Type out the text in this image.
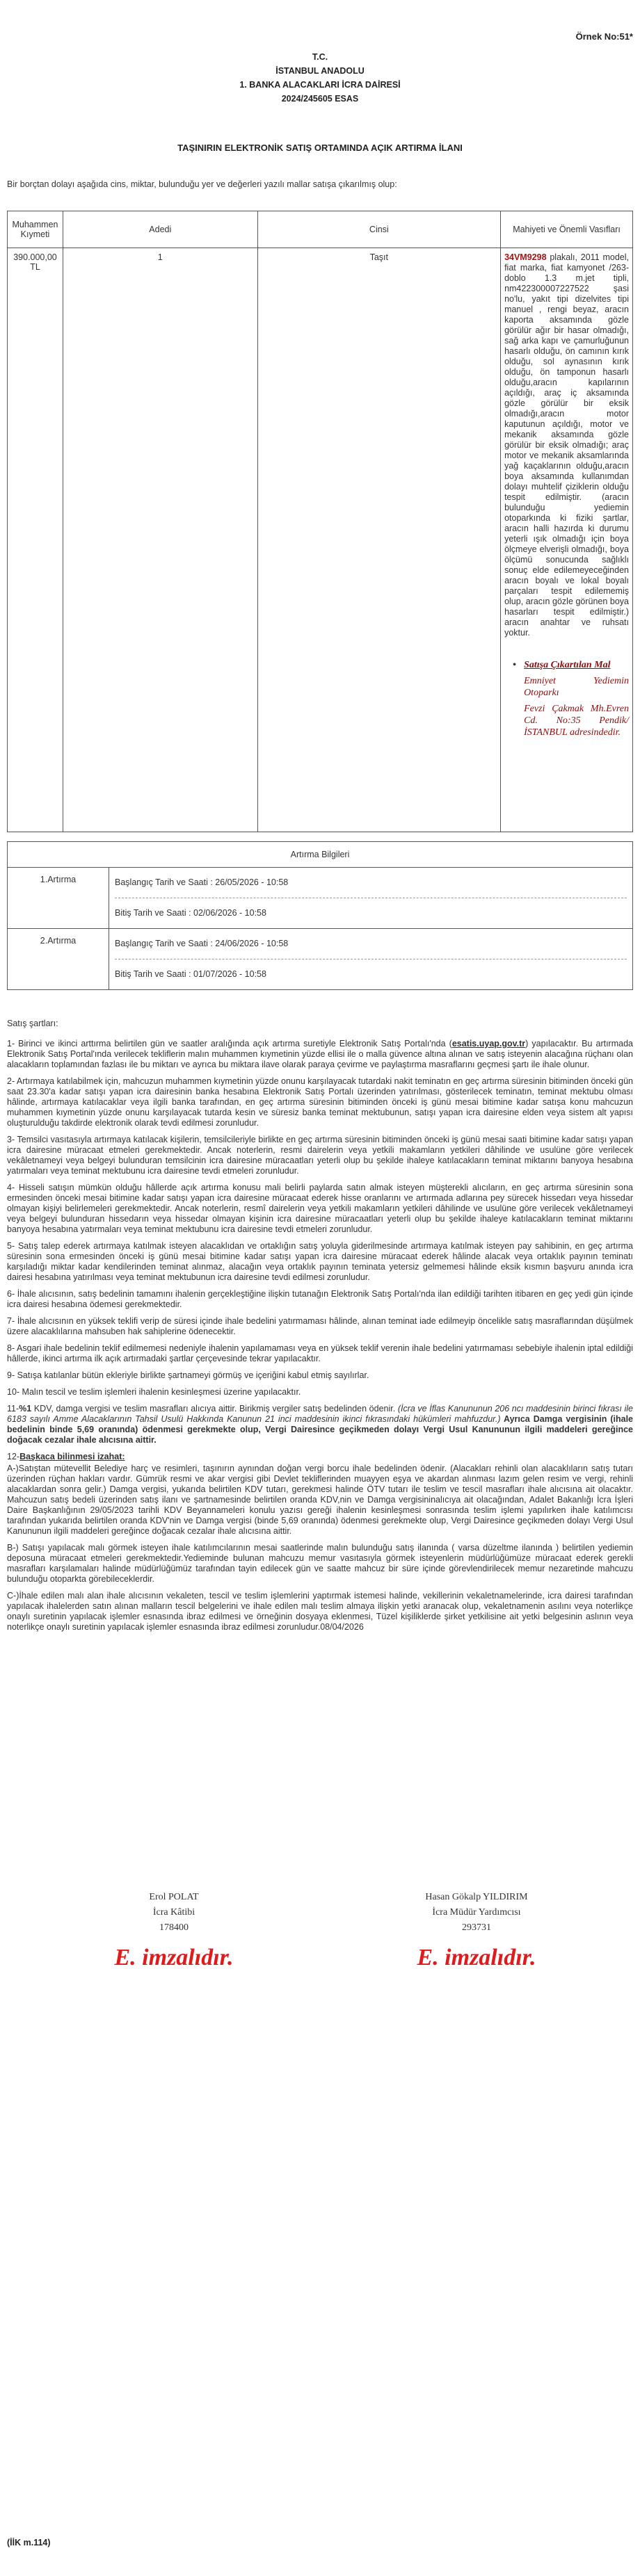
Örnek No:51*
T.C.
İSTANBUL ANADOLU
1. BANKA ALACAKLARI İCRA DAİRESİ
2024/245605 ESAS
TAŞINIRIN ELEKTRONİK SATIŞ ORTAMINDA AÇIK ARTIRMA İLANI
Bir borçtan dolayı aşağıda cins, miktar, bulunduğu yer ve değerleri yazılı mallar satışa çıkarılmış olup:
Muhammen Kıymeti	Adedi	Cinsi	Mahiyeti ve Önemli Vasıfları
390.000,00 TL	1	Taşıt	34VM9298 plakalı, 2011 model, fiat marka, fiat kamyonet /263-doblo 1.3 m.jet tipli, nm422300007227522 şasi no'lu, yakıt tipi dizelvites tipi manuel , rengi beyaz, aracın kaporta aksamında gözle görülür ağır bir hasar olmadığı, sağ arka kapı ve çamurluğunun hasarlı olduğu, ön camının kırık olduğu, sol aynasının kırık olduğu, ön tamponun hasarlı olduğu,aracın kapılarının açıldığı, araç iç aksamında gözle görülür bir eksik olmadığı,aracın motor kaputunun açıldığı, motor ve mekanik aksamında gözle görülür bir eksik olmadığı; araç motor ve mekanik aksamlarında yağ kaçaklarının olduğu,aracın boya aksamında kullanımdan dolayı muhtelif çiziklerin olduğu tespit edilmiştir. (aracın bulunduğu yediemin otoparkında ki fiziki şartlar, aracın halli hazırda ki durumu yeterli ışık olmadığı için boya ölçmeye elverişli olmadığı, boya ölçümü sonucunda sağlıklı sonuç elde edilemeyeceğinden aracın boyalı ve lokal boyalı parçaları tespit edilememiş olup, aracın gözle görünen boya hasarları tespit edilmiştir.) aracın anahtar ve ruhsatı yoktur.
• Satışa Çıkartılan Mal

Emniyet Yediemin Otoparkı

Fevzi Çakmak Mh.Evren Cd. No:35 Pendik/ İSTANBUL adresindedir.

Artırma Bilgileri
1.Artırma	Başlangıç Tarih ve Saati : 26/05/2026 - 10:58
Bitiş Tarih ve Saati : 02/06/2026 - 10:58
2.Artırma	Başlangıç Tarih ve Saati : 24/06/2026 - 10:58
Bitiş Tarih ve Saati : 01/07/2026 - 10:58

Satış şartları:

1- Birinci ve ikinci arttırma belirtilen gün ve saatler aralığında açık artırma suretiyle Elektronik Satış Portalı'nda (esatis.uyap.gov.tr) yapılacaktır. Bu artırmada Elektronik Satış Portal'ında verilecek tekliflerin malın muhammen kıymetinin yüzde ellisi ile o malla güvence altına alınan ve satış isteyenin alacağına rüçhanı olan alacakların toplamından fazlası ile bu miktarı ve ayrıca bu miktara ilave olarak paraya çevirme ve paylaştırma masraflarını geçmesi şartı ile ihale olunur.

2- Artırmaya katılabilmek için, mahcuzun muhammen kıymetinin yüzde onunu karşılayacak tutardaki nakit teminatın en geç artırma süresinin bitiminden önceki gün saat 23.30'a kadar satışı yapan icra dairesinin banka hesabına Elektronik Satış Portalı üzerinden yatırılması, gösterilecek teminatın, teminat mektubu olması hâlinde, artırmaya katılacaklar veya ilgili banka tarafından, en geç artırma süresinin bitiminden önceki iş günü mesai bitimine kadar satışa konu mahcuzun muhammen kıymetinin yüzde onunu karşılayacak tutarda kesin ve süresiz banka teminat mektubunun, satışı yapan icra dairesine elden veya sistem alt yapısı oluşturulduğu takdirde elektronik olarak tevdi edilmesi zorunludur.

3- Temsilci vasıtasıyla artırmaya katılacak kişilerin, temsilcileriyle birlikte en geç artırma süresinin bitiminden önceki iş günü mesai saati bitimine kadar satışı yapan icra dairesine müracaat etmeleri gerekmektedir. Ancak noterlerin, resmi dairelerin veya yetkili makamların yetkileri dâhilinde ve usulüne göre verilecek vekâletnameyi veya belgeyi bulunduran temsilcinin icra dairesine müracaatları yeterli olup bu şekilde ihaleye katılacakların teminat miktarını banyoya hesabına yatırmaları veya teminat mektubunu icra dairesine tevdi etmeleri zorunludur.

4- Hisseli satışın mümkün olduğu hâllerde açık artırma konusu mali belirli paylarda satın almak isteyen müşterekli alıcıların, en geç artırma süresinin sona ermesinden önceki mesai bitimine kadar satışı yapan icra dairesine müracaat ederek hisse oranlarını ve artırmada adlarına pey sürecek hissedarı veya hissedar olmayan kişiyi belirlemeleri gerekmektedir. Ancak noterlerin, resmî dairelerin veya yetkili makamların yetkileri dâhilinde ve usulüne göre verilecek vekâletnameyi veya belgeyi bulunduran hissedarın veya hissedar olmayan kişinin icra dairesine müracaatları yeterli olup bu şekilde ihaleye katılacakların teminat miktarını banyoya hesabına yatırmaları veya teminat mektubunu icra dairesine tevdi etmeleri zorunludur.

5- Satış talep ederek artırmaya katılmak isteyen alacaklıdan ve ortaklığın satış yoluyla giderilmesinde artırmaya katılmak isteyen pay sahibinin, en geç artırma süresinin sona ermesinden önceki iş günü mesai bitimine kadar satışı yapan icra dairesine müracaat ederek hâlinde alacak veya ortaklık payının teminatı karşıladığı miktar kadar kendilerinden teminat alınmaz, alacağın veya ortaklık payının teminata yetersiz gelmemesi hâlinde eksik kısmın başvuru anında icra dairesi hesabına yatırılması veya teminat mektubunun icra dairesine tevdi edilmesi zorunludur.

6- İhale alıcısının, satış bedelinin tamamını ihalenin gerçekleştiğine ilişkin tutanağın Elektronik Satış Portalı'nda ilan edildiği tarihten itibaren en geç yedi gün içinde icra dairesi hesabına ödemesi gerekmektedir.

7- İhale alıcısının en yüksek teklifi verip de süresi içinde ihale bedelini yatırmaması hâlinde, alınan teminat iade edilmeyip öncelikle satış masraflarından düşülmek üzere alacaklılarına mahsuben hak sahiplerine ödenecektir.

8- Asgari ihale bedelinin teklif edilmemesi nedeniyle ihalenin yapılamaması veya en yüksek teklif verenin ihale bedelini yatırmaması sebebiyle ihalenin iptal edildiği hâllerde, ikinci artırma ilk açık artırmadaki şartlar çerçevesinde tekrar yapılacaktır.

9- Satışa katılanlar bütün ekleriyle birlikte şartnameyi görmüş ve içeriğini kabul etmiş sayılırlar.

10- Malın tescil ve teslim işlemleri ihalenin kesinleşmesi üzerine yapılacaktır.

11-%1 KDV, damga vergisi ve teslim masrafları alıcıya aittir. Birikmiş vergiler satış bedelinden ödenir. (İcra ve İflas Kanununun 206 ncı maddesinin birinci fıkrası ile 6183 sayılı Amme Alacaklarının Tahsil Usulü Hakkında Kanunun 21 inci maddesinin ikinci fıkrasındaki hükümleri mahfuzdur.) Ayrıca Damga vergisinin (ihale bedelinin binde 5,69 oranında) ödenmesi gerekmekte olup, Vergi Dairesince geçikmeden dolayı Vergi Usul Kanununun ilgili maddeleri gereğince doğacak cezalar ihale alıcısına aittir.

12-Başkaca bilinmesi izahat:

A-)Satıştan mütevellit Belediye harç ve resimleri, taşınırın aynından doğan vergi borcu ihale bedelinden ödenir. (Alacakları rehinli olan alacaklıların satış tutarı üzerinden rüçhan hakları vardır. Gümrük resmi ve akar vergisi gibi Devlet tekliflerinden muayyen eşya ve akardan alınması lazım gelen resim ve vergi, rehinli alacaklardan sonra gelir.) Damga vergisi, yukarıda belirtilen KDV tutarı, gerekmesi halinde ÖTV tutarı ile teslim ve tescil masrafları ihale alıcısına ait olacaktır. Mahcuzun satış bedeli üzerinden satış ilanı ve şartnamesinde belirtilen oranda KDV,nin ve Damga vergisininalıcıya ait olacağından, Adalet Bakanlığı İcra İşleri Daire Başkanlığının 29/05/2023 tarihli KDV Beyannameleri konulu yazısı gereği ihalenin kesinleşmesi sonrasında teslim işlemi yapılırken ihale katılımcısı tarafından yukarıda belirtilen oranda KDV'nin ve Damga vergisi (binde 5,69 oranında) ödenmesi gerekmekte olup, Vergi Dairesince geçikmeden dolayı Vergi Usul Kanununun ilgili maddeleri gereğince doğacak cezalar ihale alıcısına aittir.

B-) Satışı yapılacak malı görmek isteyen ihale katılımcılarının mesai saatlerinde malın bulunduğu satış ilanında ( varsa düzeltme ilanında ) belirtilen yediemin deposuna müracaat etmeleri gerekmektedir.Yedieminde bulunan mahcuzu memur vasıtasıyla görmek isteyenlerin müdürlüğümüze müracaat ederek gerekli masrafları karşılamaları halinde müdürlüğümüz tarafından tayin edilecek gün ve saatte mahcuz bir süre içinde görevlendirilecek memur nezaretinde mahcuzu bulunduğu otoparkta görebileceklerdir.

C-)İhale edilen malı alan ihale alıcısının vekaleten, tescil ve teslim işlemlerini yaptırmak istemesi halinde, vekillerinin vekaletnamelerinde, icra dairesi tarafından yapılacak ihalelerden satın alınan malların tescil belgelerini ve ihale edilen malı teslim almaya ilişkin yetki aranacak olup, vekaletnamenin asılını veya noterlikçe onaylı suretinin yapılacak işlemler esnasında ibraz edilmesi ve örneğinin dosyaya eklenmesi, Tüzel kişiliklerde şirket yetkilisine ait yetki belgesinin aslının veya noterlikçe onaylı suretinin yapılacak işlemler esnasında ibraz edilmesi zorunludur.08/04/2026

Erol POLAT
İcra Kâtibi
178400
E. imzalıdır.
Hasan Gökalp YILDIRIM
İcra Müdür Yardımcısı
293731
E. imzalıdır.
(İİK m.114)
